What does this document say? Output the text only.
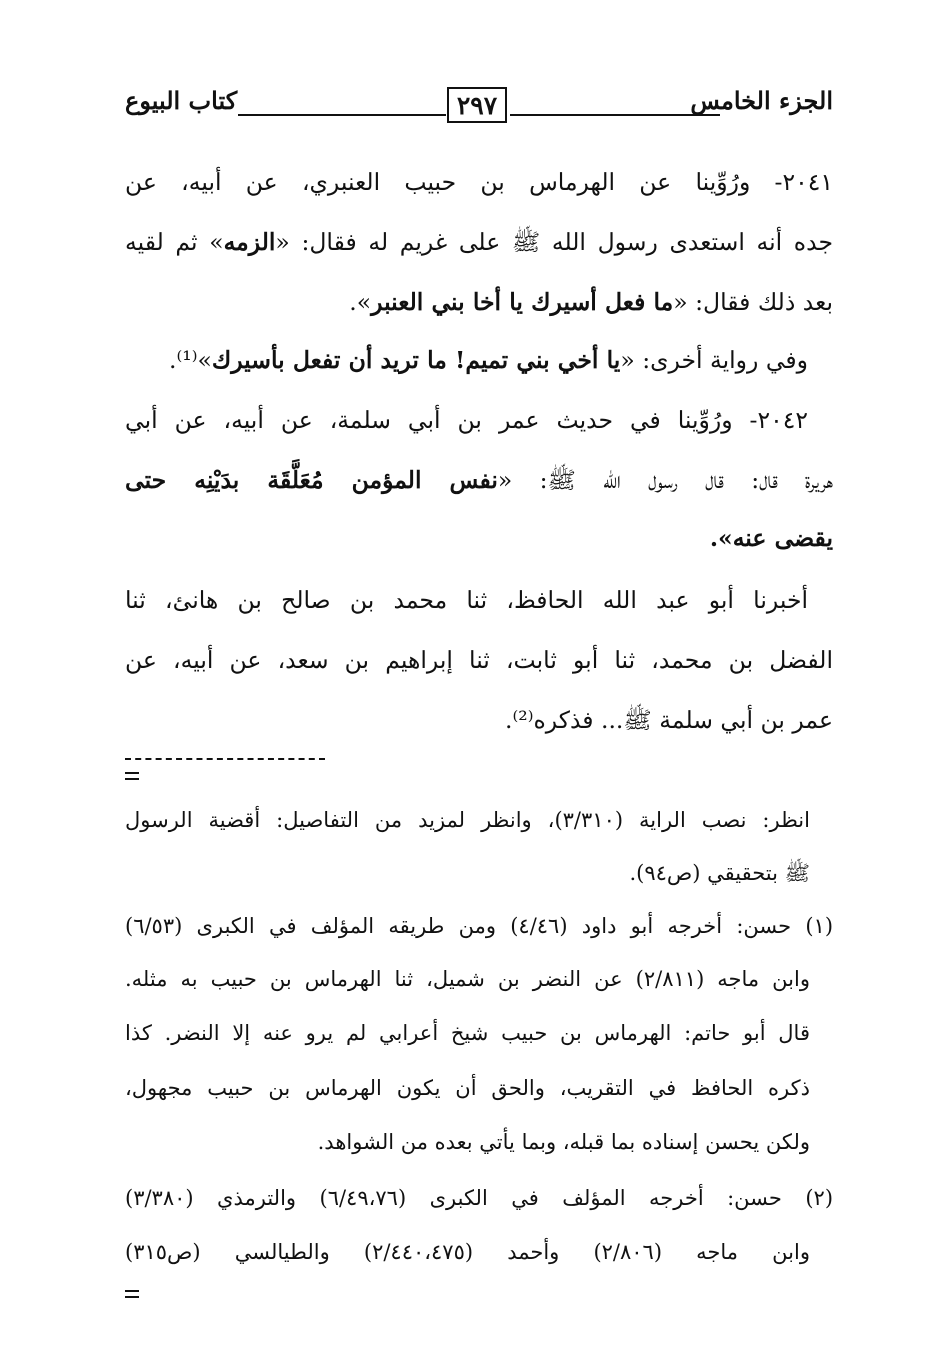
الجزء الخامس
٢٩٧
كتاب البيوع
٢٠٤١- ورُوِّينا عن الهرماس بن حبيب العنبري، عن أبيه، عن
جده أنه استعدى رسول الله ﷺ على غريم له فقال: «الزمه» ثم لقيه
بعد ذلك فقال: «ما فعل أسيرك يا أخا بني العنبر».
وفي رواية أخرى: «يا أخي بني تميم! ما تريد أن تفعل بأسيرك»⁽¹⁾.
٢٠٤٢- ورُوِّينا في حديث عمر بن أبي سلمة، عن أبيه، عن أبي
هريرة قال: قال رسول الله ﷺ: «نفس المؤمن مُعَلَّقَة بدَيْنِه حتى
يقضى عنه».
أخبرنا أبو عبد الله الحافظ، ثنا محمد بن صالح بن هانئ، ثنا
الفضل بن محمد، ثنا أبو ثابت، ثنا إبراهيم بن سعد، عن أبيه، عن
عمر بن أبي سلمة ﷺ... فذكره⁽²⁾.
انظر: نصب الراية (٣/٣١٠)، وانظر لمزيد من التفاصيل: أقضية الرسول
ﷺ بتحقيقي (ص٩٤).
(١) حسن: أخرجه أبو داود (٤/٤٦) ومن طريقه المؤلف في الكبرى (٦/٥٣)
وابن ماجه (٢/٨١١) عن النضر بن شميل، ثنا الهرماس بن حبيب به مثله.
قال أبو حاتم: الهرماس بن حبيب شيخ أعرابي لم يرو عنه إلا النضر. كذا
ذكره الحافظ في التقريب، والحق أن يكون الهرماس بن حبيب مجهول،
ولكن يحسن إسناده بما قبله، وبما يأتي بعده من الشواهد.
(٢) حسن: أخرجه المؤلف في الكبرى (٦/٤٩،٧٦) والترمذي (٣/٣٨٠)
وابن ماجه (٢/٨٠٦) وأحمد (٢/٤٤٠،٤٧٥) والطيالسي (ص٣١٥)
